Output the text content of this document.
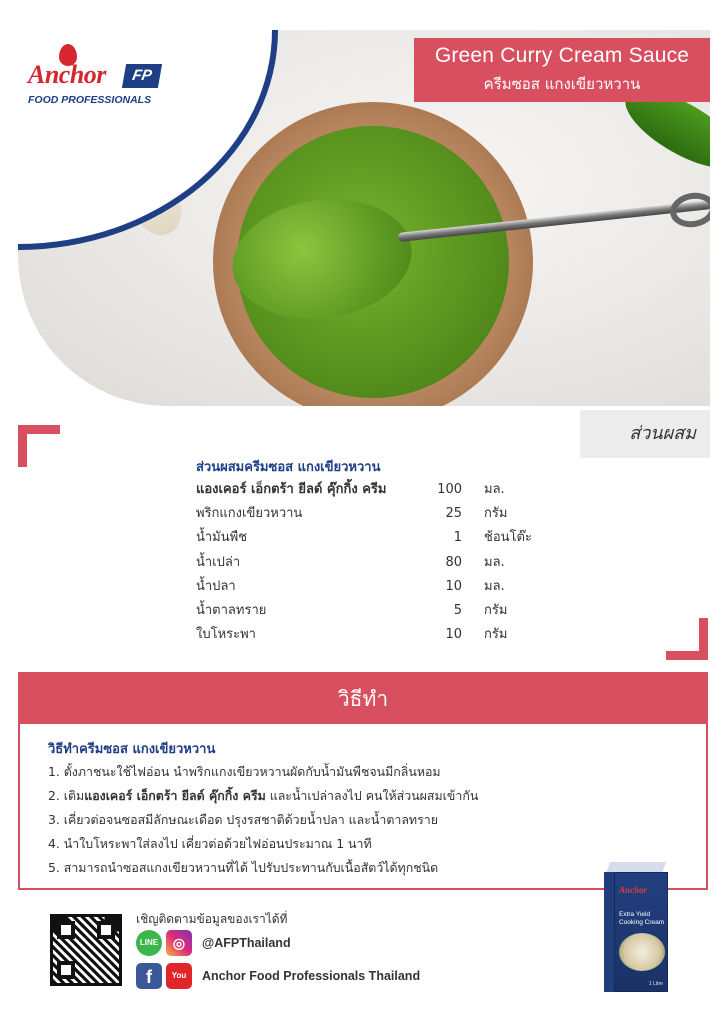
Anchor	FP
FOOD PROFESSIONALS
Green Curry Cream Sauce
ครีมซอส แกงเขียวหวาน
ส่วนผสม
ส่วนผสมครีมซอส แกงเขียวหวาน
แองเคอร์ เอ็กตร้า ยีลด์ คุ๊กกิ้ง ครีม	100 มล.
พริกแกงเขียวหวาน	25 กรัม
น้ำมันพืช	1 ช้อนโต๊ะ
น้ำเปล่า	80 มล.
น้ำปลา	10 มล.
น้ำตาลทราย	5 กรัม
ใบโหระพา	10 กรัม
วิธีทำ
วิธีทำครีมซอส แกงเขียวหวาน
1. ตั้งภาชนะใช้ไฟอ่อน นำพริกแกงเขียวหวานผัดกับน้ำมันพืชจนมีกลิ่นหอม
2. เติมแองเคอร์ เอ็กตร้า ยีลด์ คุ๊กกิ้ง ครีม และน้ำเปล่าลงไป คนให้ส่วนผสมเข้ากัน
3. เคี่ยวต่อจนซอสมีลักษณะเดือด ปรุงรสชาติด้วยน้ำปลา และน้ำตาลทราย
4. นำใบโหระพาใส่ลงไป เคี่ยวต่อด้วยไฟอ่อนประมาณ 1 นาที
5. สามารถนำซอสแกงเขียวหวานที่ได้ ไปรับประทานกับเนื้อสัตว์ได้ทุกชนิด
เชิญติดตามข้อมูลของเราได้ที่
LINE	◎	@AFPThailand
f	You Tube
Anchor Food Professionals Thailand
Anchor
Extra Yield Cooking Cream
1 Litre
